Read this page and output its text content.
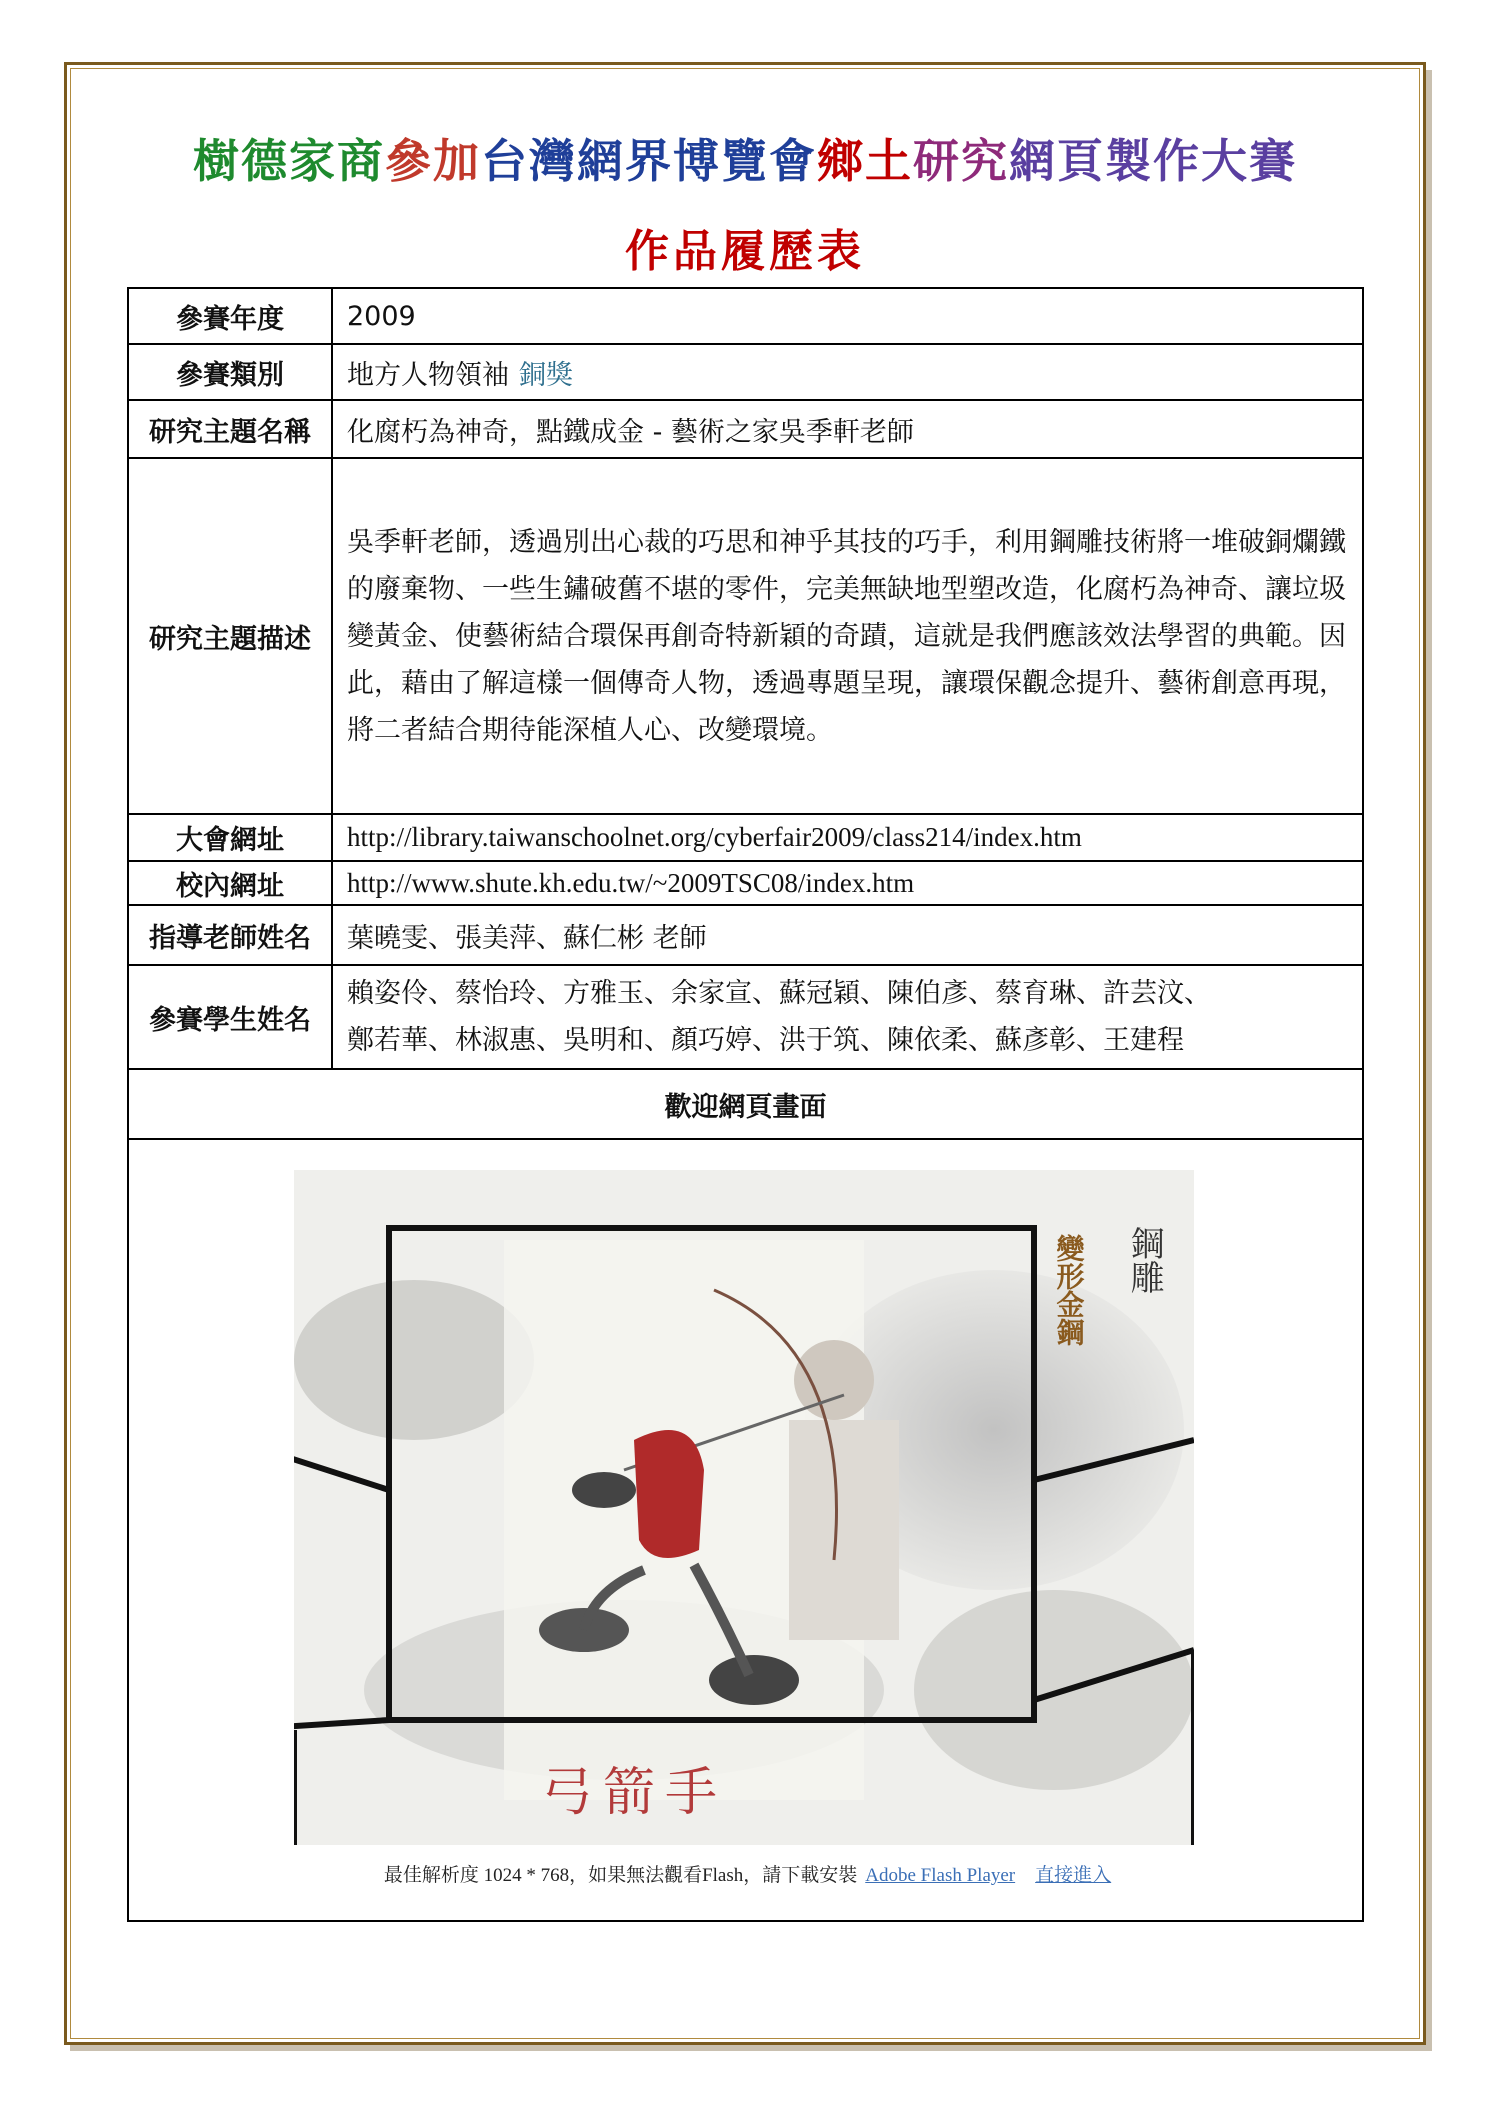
樹德家商參加台灣網界博覽會鄉土研究網頁製作大賽
作品履歷表
參賽年度	2009
參賽類別	地方人物領袖 銅獎
研究主題名稱	化腐朽為神奇，點鐵成金 - 藝術之家吳季軒老師
研究主題描述	吳季軒老師，透過別出心裁的巧思和神乎其技的巧手，利用鋼雕技術將一堆破銅爛鐵的廢棄物、一些生鏽破舊不堪的零件，完美無缺地型塑改造，化腐朽為神奇、讓垃圾變黃金、使藝術結合環保再創奇特新穎的奇蹟，這就是我們應該效法學習的典範。因此，藉由了解這樣一個傳奇人物，透過專題呈現，讓環保觀念提升、藝術創意再現，將二者結合期待能深植人心、改變環境。
大會網址	http://library.taiwanschoolnet.org/cyberfair2009/class214/index.htm
校內網址	http://www.shute.kh.edu.tw/~2009TSC08/index.htm
指導老師姓名	葉曉雯、張美萍、蘇仁彬 老師
參賽學生姓名	賴姿伶、蔡怡玲、方雅玉、余家宣、蘇冠穎、陳伯彥、蔡育琳、許芸汶、
鄭若華、林淑惠、吳明和、顏巧婷、洪于筑、陳依柔、蘇彥彰、王建程

歡迎網頁畫面	

鋼雕
變形金鋼
弓箭手
最佳解析度 1024 * 768，如果無法觀看Flash，請下載安裝 Adobe Flash Player 直接進入	
